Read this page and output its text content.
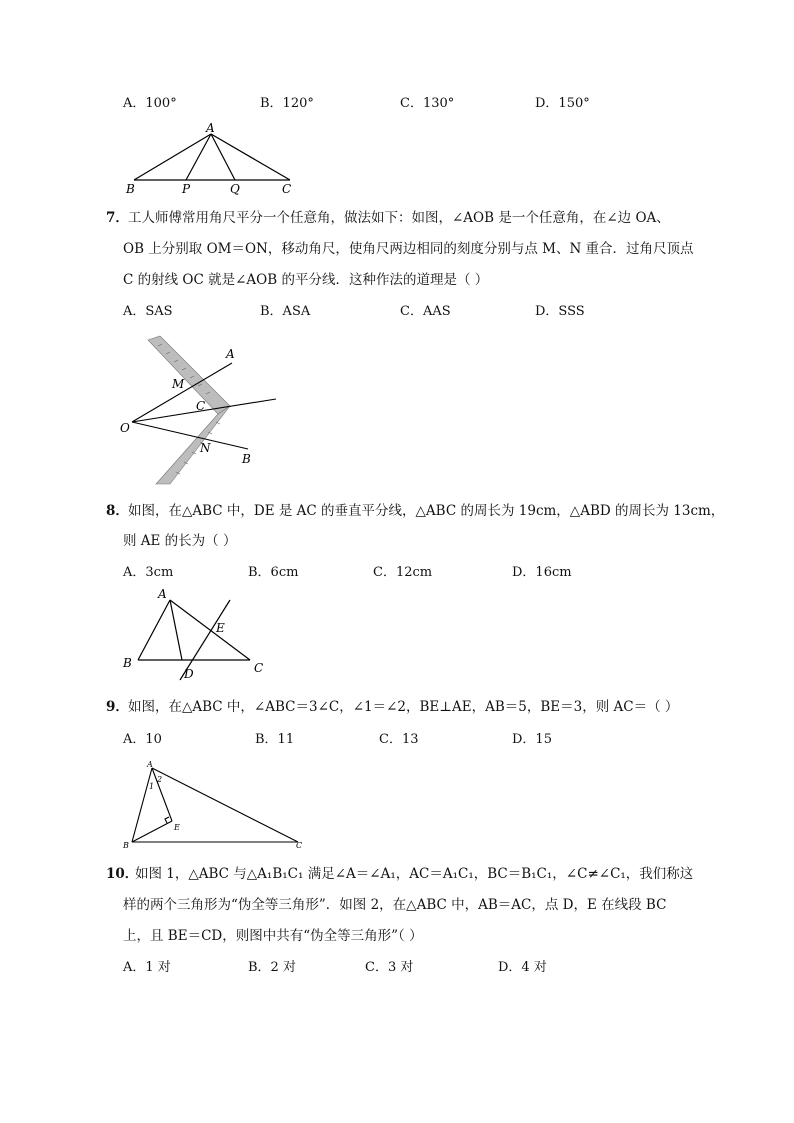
A．100°	B．120°	C．130°	D．150°
A
B	P	Q	C
7． 工人师傅常用角尺平分一个任意角，做法如下：如图，∠AOB 是一个任意角，在∠边 OA、
OB 上分别取 OM＝ON，移动角尺，使角尺两边相同的刻度分别与点 M、N 重合．过角尺顶点
C 的射线 OC 就是∠AOB 的平分线．这种作法的道理是（ ）
A．SAS	B．ASA	C．AAS	D．SSS
A
M
C
O
N
B
8． 如图，在△ABC 中，DE 是 AC 的垂直平分线，△ABC 的周长为 19cm，△ABD 的周长为 13cm，
则 AE 的长为（ ）
A．3cm	B．6cm	C．12cm	D．16cm
A
E
B
D	C
9． 如图，在△ABC 中，∠ABC＝3∠C，∠1＝∠2，BE⊥AE，AB＝5，BE＝3，则 AC＝（ ）
A．10	B．11	C．13	D．15
A
1
2
E
B	C
10．
如图 1，△ABC 与△A₁B₁C₁ 满足∠A＝∠A₁，AC＝A₁C₁，BC＝B₁C₁，∠C≠∠C₁，我们称这
样的两个三角形为“伪全等三角形”．如图 2，在△ABC 中，AB＝AC，点 D，E 在线段 BC
上，且 BE＝CD，则图中共有“伪全等三角形”（ ）
A．1 对	B．2 对	C．3 对	D．4 对
